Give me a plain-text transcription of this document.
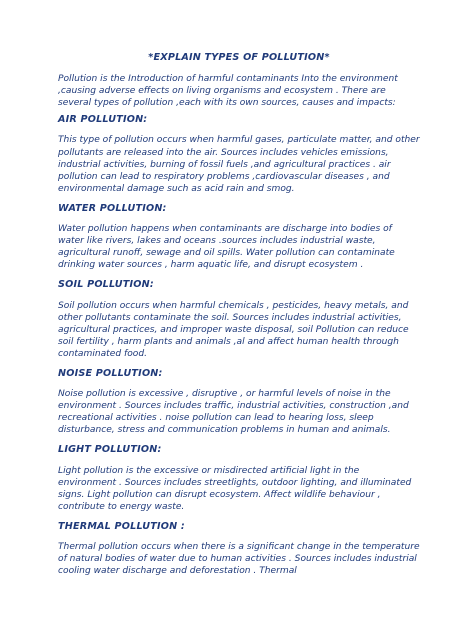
*EXPLAIN TYPES OF POLLUTION*
Pollution is the Introduction of harmful contaminants Into the environment ,causing adverse effects on living organisms and ecosystem . There are several types of pollution ,each with its own sources, causes and impacts:
AIR POLLUTION:
This type of pollution occurs when harmful gases, particulate matter, and other pollutants are released into the air. Sources includes vehicles emissions, industrial activities, burning of fossil fuels ,and agricultural practices . air pollution can lead to respiratory problems ,cardiovascular diseases , and environmental damage such as acid rain and smog.
WATER POLLUTION:
Water pollution happens when contaminants are discharge into bodies of water like rivers, lakes and oceans .sources includes industrial waste, agricultural runoff, sewage and oil spills. Water pollution can contaminate drinking water sources , harm aquatic life, and disrupt ecosystem .
SOIL POLLUTION:
Soil pollution occurs when harmful chemicals , pesticides, heavy metals, and other pollutants contaminate the soil. Sources includes industrial activities, agricultural practices, and improper waste disposal, soil Pollution can reduce soil fertility , harm plants and animals ,al and affect human health through contaminated food.
NOISE POLLUTION:
Noise pollution is excessive , disruptive , or harmful levels of noise in the environment . Sources includes traffic, industrial activities, construction ,and recreational activities . noise pollution can lead to hearing loss, sleep disturbance, stress and communication problems in human and animals.
LIGHT POLLUTION:
Light pollution is the excessive or misdirected artificial light in the environment . Sources includes streetlights, outdoor lighting, and illuminated signs. Light pollution can disrupt ecosystem. Affect wildlife behaviour , contribute to energy waste.
THERMAL POLLUTION :
Thermal pollution occurs when there is a significant change in the temperature of natural bodies of water due to human activities . Sources includes industrial cooling water discharge and deforestation . Thermal
